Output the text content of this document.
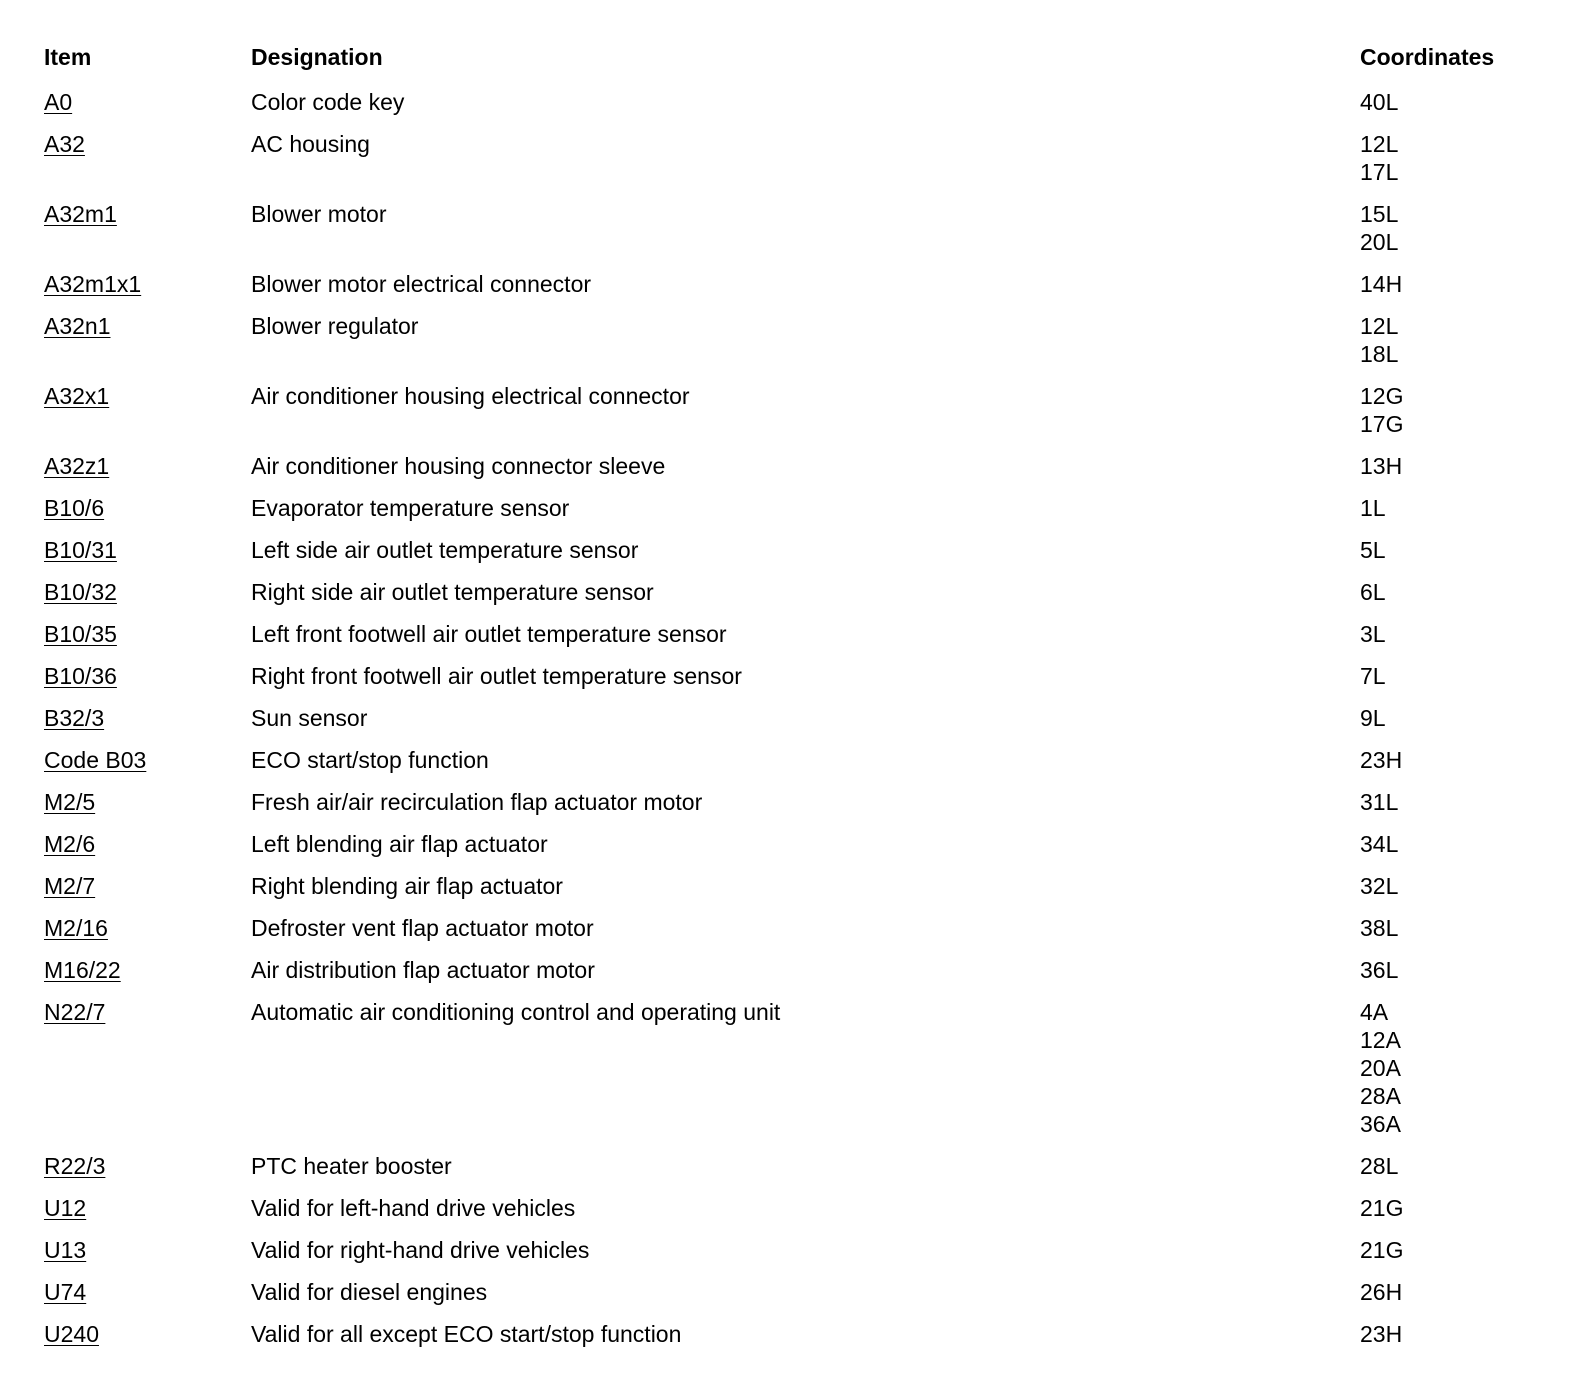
Item	Designation	Coordinates
A0	Color code key	40L
A32	AC housing	12L
17L
A32m1	Blower motor	15L
20L
A32m1x1	Blower motor electrical connector	14H
A32n1	Blower regulator	12L
18L
A32x1	Air conditioner housing electrical connector	12G
17G
A32z1	Air conditioner housing connector sleeve	13H
B10/6	Evaporator temperature sensor	1L
B10/31	Left side air outlet temperature sensor	5L
B10/32	Right side air outlet temperature sensor	6L
B10/35	Left front footwell air outlet temperature sensor	3L
B10/36	Right front footwell air outlet temperature sensor	7L
B32/3	Sun sensor	9L
Code B03	ECO start/stop function	23H
M2/5	Fresh air/air recirculation flap actuator motor	31L
M2/6	Left blending air flap actuator	34L
M2/7	Right blending air flap actuator	32L
M2/16	Defroster vent flap actuator motor	38L
M16/22	Air distribution flap actuator motor	36L
N22/7	Automatic air conditioning control and operating unit	4A
12A
20A
28A
36A
R22/3	PTC heater booster	28L
U12	Valid for left-hand drive vehicles	21G
U13	Valid for right-hand drive vehicles	21G
U74	Valid for diesel engines	26H
U240	Valid for all except ECO start/stop function	23H
